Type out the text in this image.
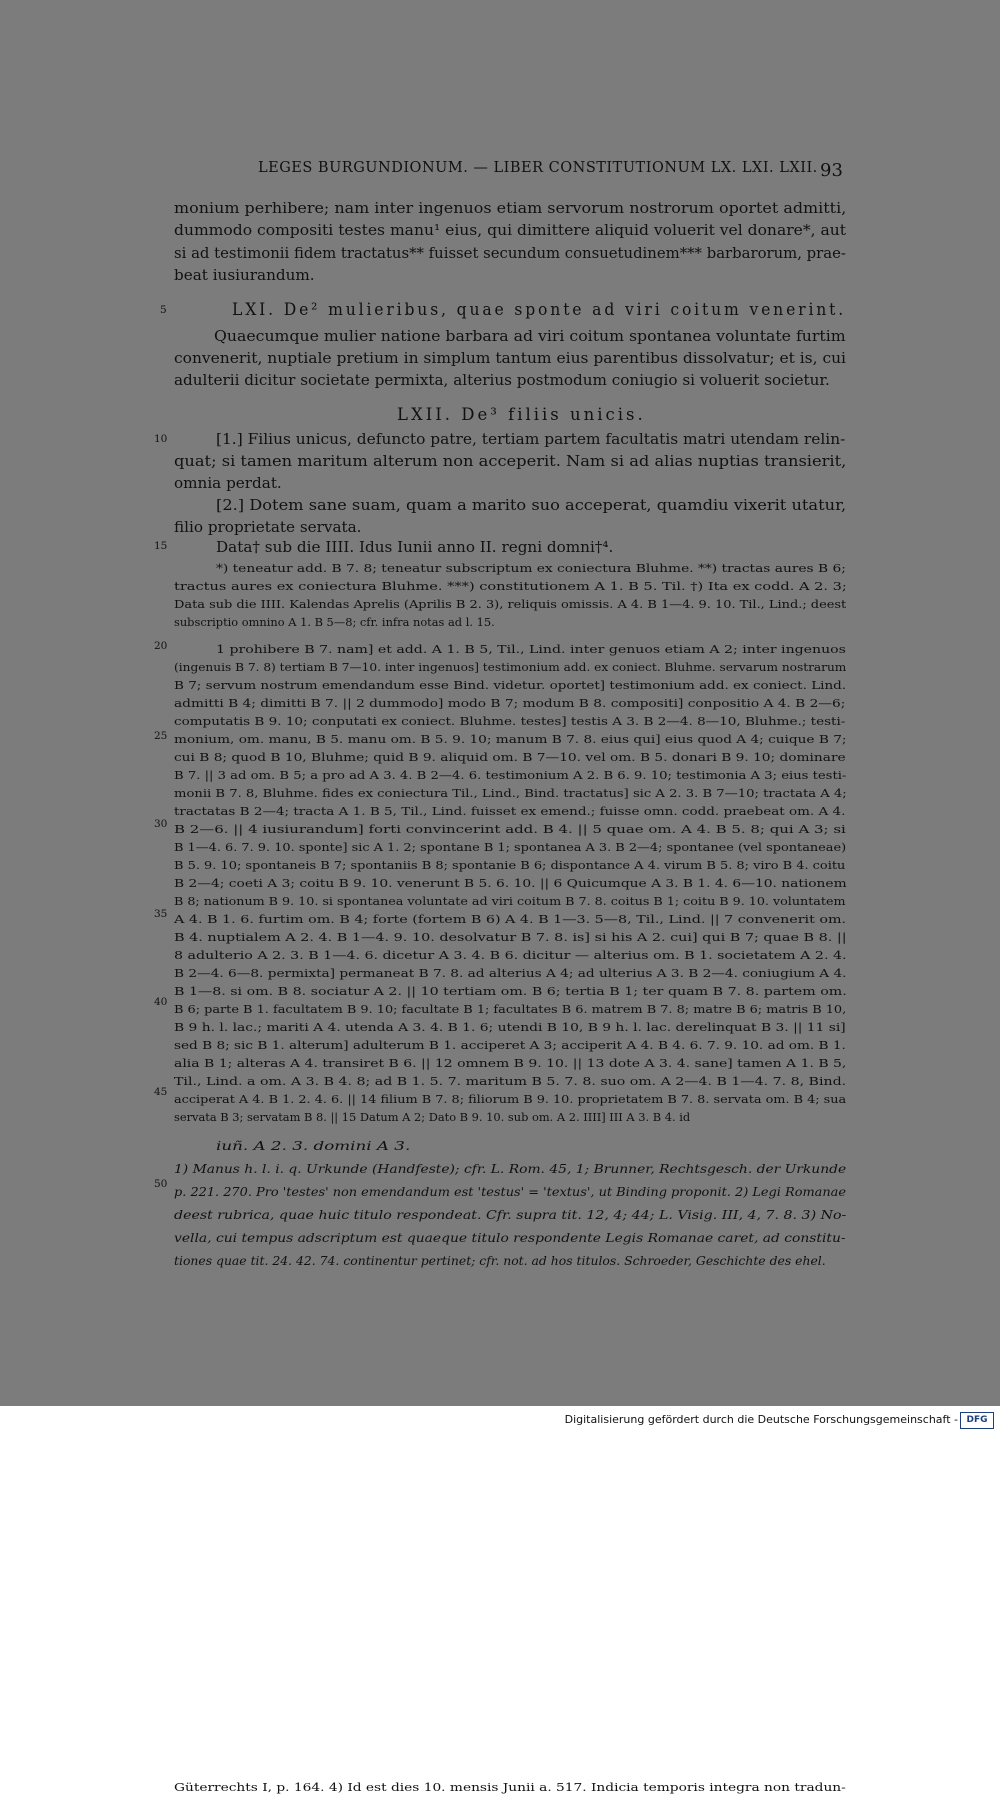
LEGES BURGUNDIONUM. — LIBER CONSTITUTIONUM LX. LXI. LXII. 93
monium perhibere; nam inter ingenuos etiam servorum nostrorum oportet admitti,
dummodo compositi testes manu¹ eius, qui dimittere aliquid voluerit vel donare*, aut
si ad testimonii fidem tractatus** fuisset secundum consuetudinem*** barbarorum, prae-
beat iusiurandum.
LXI. De² mulieribus, quae sponte ad viri coitum venerint.
Quaecumque mulier natione barbara ad viri coitum spontanea voluntate furtim
convenerit, nuptiale pretium in simplum tantum eius parentibus dissolvatur; et is, cui
adulterii dicitur societate permixta, alterius postmodum coniugio si voluerit societur.
LXII. De³ filiis unicis.
[1.] Filius unicus, defuncto patre, tertiam partem facultatis matri utendam relin-
quat; si tamen maritum alterum non acceperit. Nam si ad alias nuptias transierit,
omnia perdat.
[2.] Dotem sane suam, quam a marito suo acceperat, quamdiu vixerit utatur,
filio proprietate servata.
Data† sub die IIII. Idus Iunii anno II. regni domni†⁴.
*) teneatur add. B 7. 8; teneatur subscriptum ex coniectura Bluhme. **) tractas aures B 6;
tractus aures ex coniectura Bluhme. ***) constitutionem A 1. B 5. Til. †) Ita ex codd. A 2. 3;
Data sub die IIII. Kalendas Aprelis (Aprilis B 2. 3), reliquis omissis. A 4. B 1—4. 9. 10. Til., Lind.; deest
subscriptio omnino A 1. B 5—8; cfr. infra notas ad l. 15.
1 prohibere B 7. nam] et add. A 1. B 5, Til., Lind. inter genuos etiam A 2; inter ingenuos
(ingenuis B 7. 8) tertiam B 7—10. inter ingenuos] testimonium add. ex coniect. Bluhme. servarum nostrarum
B 7; servum nostrum emendandum esse Bind. videtur. oportet] testimonium add. ex coniect. Lind.
admitti B 4; dimitti B 7. || 2 dummodo] modo B 7; modum B 8. compositi] conpositio A 4. B 2—6;
computatis B 9. 10; conputati ex coniect. Bluhme. testes] testis A 3. B 2—4. 8—10, Bluhme.; testi-
monium, om. manu, B 5. manu om. B 5. 9. 10; manum B 7. 8. eius qui] eius quod A 4; cuique B 7;
cui B 8; quod B 10, Bluhme; quid B 9. aliquid om. B 7—10. vel om. B 5. donari B 9. 10; dominare
B 7. || 3 ad om. B 5; a pro ad A 3. 4. B 2—4. 6. testimonium A 2. B 6. 9. 10; testimonia A 3; eius testi-
monii B 7. 8, Bluhme. fides ex coniectura Til., Lind., Bind. tractatus] sic A 2. 3. B 7—10; tractata A 4;
tractatas B 2—4; tracta A 1. B 5, Til., Lind. fuisset ex emend.; fuisse omn. codd. praebeat om. A 4.
B 2—6. || 4 iusiurandum] forti convincerint add. B 4. || 5 quae om. A 4. B 5. 8; qui A 3; si
B 1—4. 6. 7. 9. 10. sponte] sic A 1. 2; spontane B 1; spontanea A 3. B 2—4; spontanee (vel spontaneae)
B 5. 9. 10; spontaneis B 7; spontaniis B 8; spontanie B 6; dispontance A 4. virum B 5. 8; viro B 4. coitu
B 2—4; coeti A 3; coitu B 9. 10. venerunt B 5. 6. 10. || 6 Quicumque A 3. B 1. 4. 6—10. nationem
B 8; nationum B 9. 10. si spontanea voluntate ad viri coitum B 7. 8. coitus B 1; coitu B 9. 10. voluntatem
A 4. B 1. 6. furtim om. B 4; forte (fortem B 6) A 4. B 1—3. 5—8, Til., Lind. || 7 convenerit om.
B 4. nuptialem A 2. 4. B 1—4. 9. 10. desolvatur B 7. 8. is] si his A 2. cui] qui B 7; quae B 8. ||
8 adulterio A 2. 3. B 1—4. 6. dicetur A 3. 4. B 6. dicitur — alterius om. B 1. societatem A 2. 4.
B 2—4. 6—8. permixta] permaneat B 7. 8. ad alterius A 4; ad ulterius A 3. B 2—4. coniugium A 4.
B 1—8. si om. B 8. sociatur A 2. || 10 tertiam om. B 6; tertia B 1; ter quam B 7. 8. partem om.
B 6; parte B 1. facultatem B 9. 10; facultate B 1; facultates B 6. matrem B 7. 8; matre B 6; matris B 10,
B 9 h. l. lac.; mariti A 4. utenda A 3. 4. B 1. 6; utendi B 10, B 9 h. l. lac. derelinquat B 3. || 11 si]
sed B 8; sic B 1. alterum] adulterum B 1. acciperet A 3; acciperit A 4. B 4. 6. 7. 9. 10. ad om. B 1.
alia B 1; alteras A 4. transiret B 6. || 12 omnem B 9. 10. || 13 dote A 3. 4. sane] tamen A 1. B 5,
Til., Lind. a om. A 3. B 4. 8; ad B 1. 5. 7. maritum B 5. 7. 8. suo om. A 2—4. B 1—4. 7. 8, Bind.
acciperat A 4. B 1. 2. 4. 6. || 14 filium B 7. 8; filiorum B 9. 10. proprietatem B 7. 8. servata om. B 4; sua
servata B 3; servatam B 8. || 15 Datum A 2; Dato B 9. 10. sub om. A 2. IIII] III A 3. B 4. id
iuñ. A 2. 3. domini A 3.
1) Manus h. l. i. q. Urkunde (Handfeste); cfr. L. Rom. 45, 1; Brunner, Rechtsgesch. der Urkunde
p. 221. 270. Pro 'testes' non emendandum est 'testus' = 'textus', ut Binding proponit. 2) Legi Romanae
deest rubrica, quae huic titulo respondeat. Cfr. supra tit. 12, 4; 44; L. Visig. III, 4, 7. 8. 3) No-
vella, cui tempus adscriptum est quaeque titulo respondente Legis Romanae caret, ad constitu-
tiones quae tit. 24. 42. 74. continentur pertinet; cfr. not. ad hos titulos. Schroeder, Geschichte des ehel.
Güterrechts I, p. 164. 4) Id est dies 10. mensis Junii a. 517. Indicia temporis integra non tradun-
5
10
15
20
25
30
35
40
45
50
Digitalisierung gefördert durch die Deutsche Forschungsgemeinschaft - DFG
